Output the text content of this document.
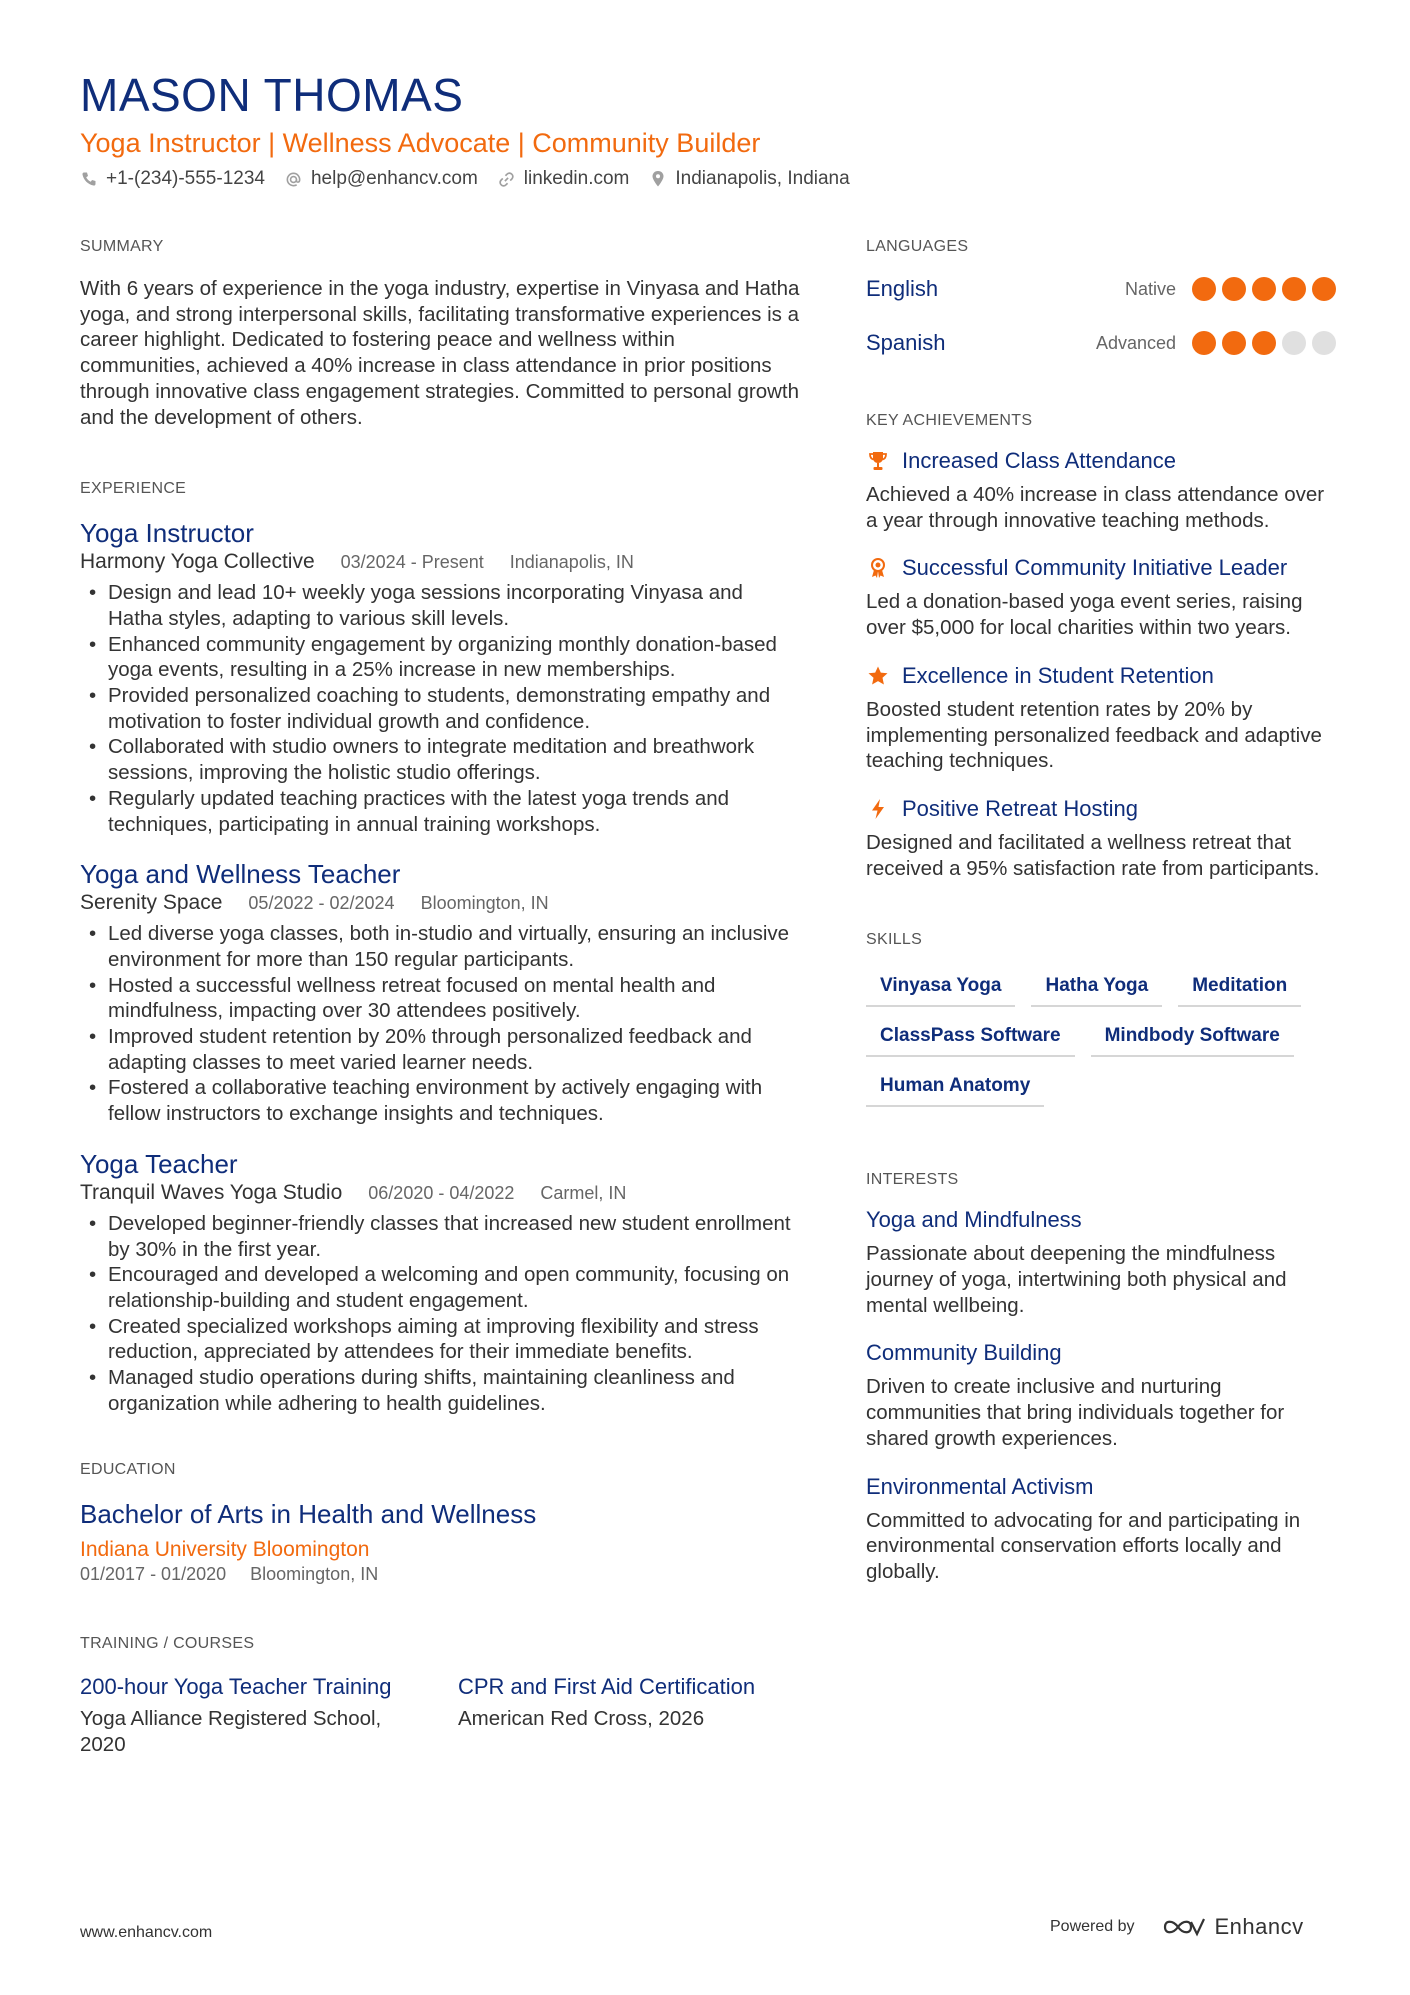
MASON THOMAS
Yoga Instructor | Wellness Advocate | Community Builder
+1-(234)-555-1234 help@enhancv.com linkedin.com Indianapolis, Indiana
SUMMARY

With 6 years of experience in the yoga industry, expertise in Vinyasa and Hatha yoga, and strong interpersonal skills, facilitating transformative experiences is a career highlight. Dedicated to fostering peace and wellness within communities, achieved a 40% increase in class attendance in prior positions through innovative class engagement strategies. Committed to personal growth and the development of others.

EXPERIENCE
Yoga Instructor
Harmony Yoga Collective 03/2024 - Present Indianapolis, IN
• Design and lead 10+ weekly yoga sessions incorporating Vinyasa and Hatha styles, adapting to various skill levels.
• Enhanced community engagement by organizing monthly donation-based yoga events, resulting in a 25% increase in new memberships.
• Provided personalized coaching to students, demonstrating empathy and motivation to foster individual growth and confidence.
• Collaborated with studio owners to integrate meditation and breathwork sessions, improving the holistic studio offerings.
• Regularly updated teaching practices with the latest yoga trends and techniques, participating in annual training workshops.
Yoga and Wellness Teacher
Serenity Space 05/2022 - 02/2024 Bloomington, IN
• Led diverse yoga classes, both in-studio and virtually, ensuring an inclusive environment for more than 150 regular participants.
• Hosted a successful wellness retreat focused on mental health and mindfulness, impacting over 30 attendees positively.
• Improved student retention by 20% through personalized feedback and adapting classes to meet varied learner needs.
• Fostered a collaborative teaching environment by actively engaging with fellow instructors to exchange insights and techniques.
Yoga Teacher
Tranquil Waves Yoga Studio 06/2020 - 04/2022 Carmel, IN
• Developed beginner-friendly classes that increased new student enrollment by 30% in the first year.
• Encouraged and developed a welcoming and open community, focusing on relationship-building and student engagement.
• Created specialized workshops aiming at improving flexibility and stress reduction, appreciated by attendees for their immediate benefits.
• Managed studio operations during shifts, maintaining cleanliness and organization while adhering to health guidelines.
EDUCATION
Bachelor of Arts in Health and Wellness
Indiana University Bloomington
01/2017 - 01/2020 Bloomington, IN
TRAINING / COURSES
200-hour Yoga Teacher Training
Yoga Alliance Registered School, 2020
CPR and First Aid Certification
American Red Cross, 2026
LANGUAGES
English	Native
Spanish	Advanced
KEY ACHIEVEMENTS
Increased Class Attendance
Achieved a 40% increase in class attendance over a year through innovative teaching methods.
Successful Community Initiative Leader
Led a donation-based yoga event series, raising over $5,000 for local charities within two years.
Excellence in Student Retention
Boosted student retention rates by 20% by implementing personalized feedback and adaptive teaching techniques.
Positive Retreat Hosting
Designed and facilitated a wellness retreat that received a 95% satisfaction rate from participants.
SKILLS
Vinyasa Yoga	Hatha Yoga	Meditation
ClassPass Software	Mindbody Software
Human Anatomy
INTERESTS
Yoga and Mindfulness
Passionate about deepening the mindfulness journey of yoga, intertwining both physical and mental wellbeing.
Community Building
Driven to create inclusive and nurturing communities that bring individuals together for shared growth experiences.
Environmental Activism
Committed to advocating for and participating in environmental conservation efforts locally and globally.
www.enhancv.com	Powered by	Enhancv
